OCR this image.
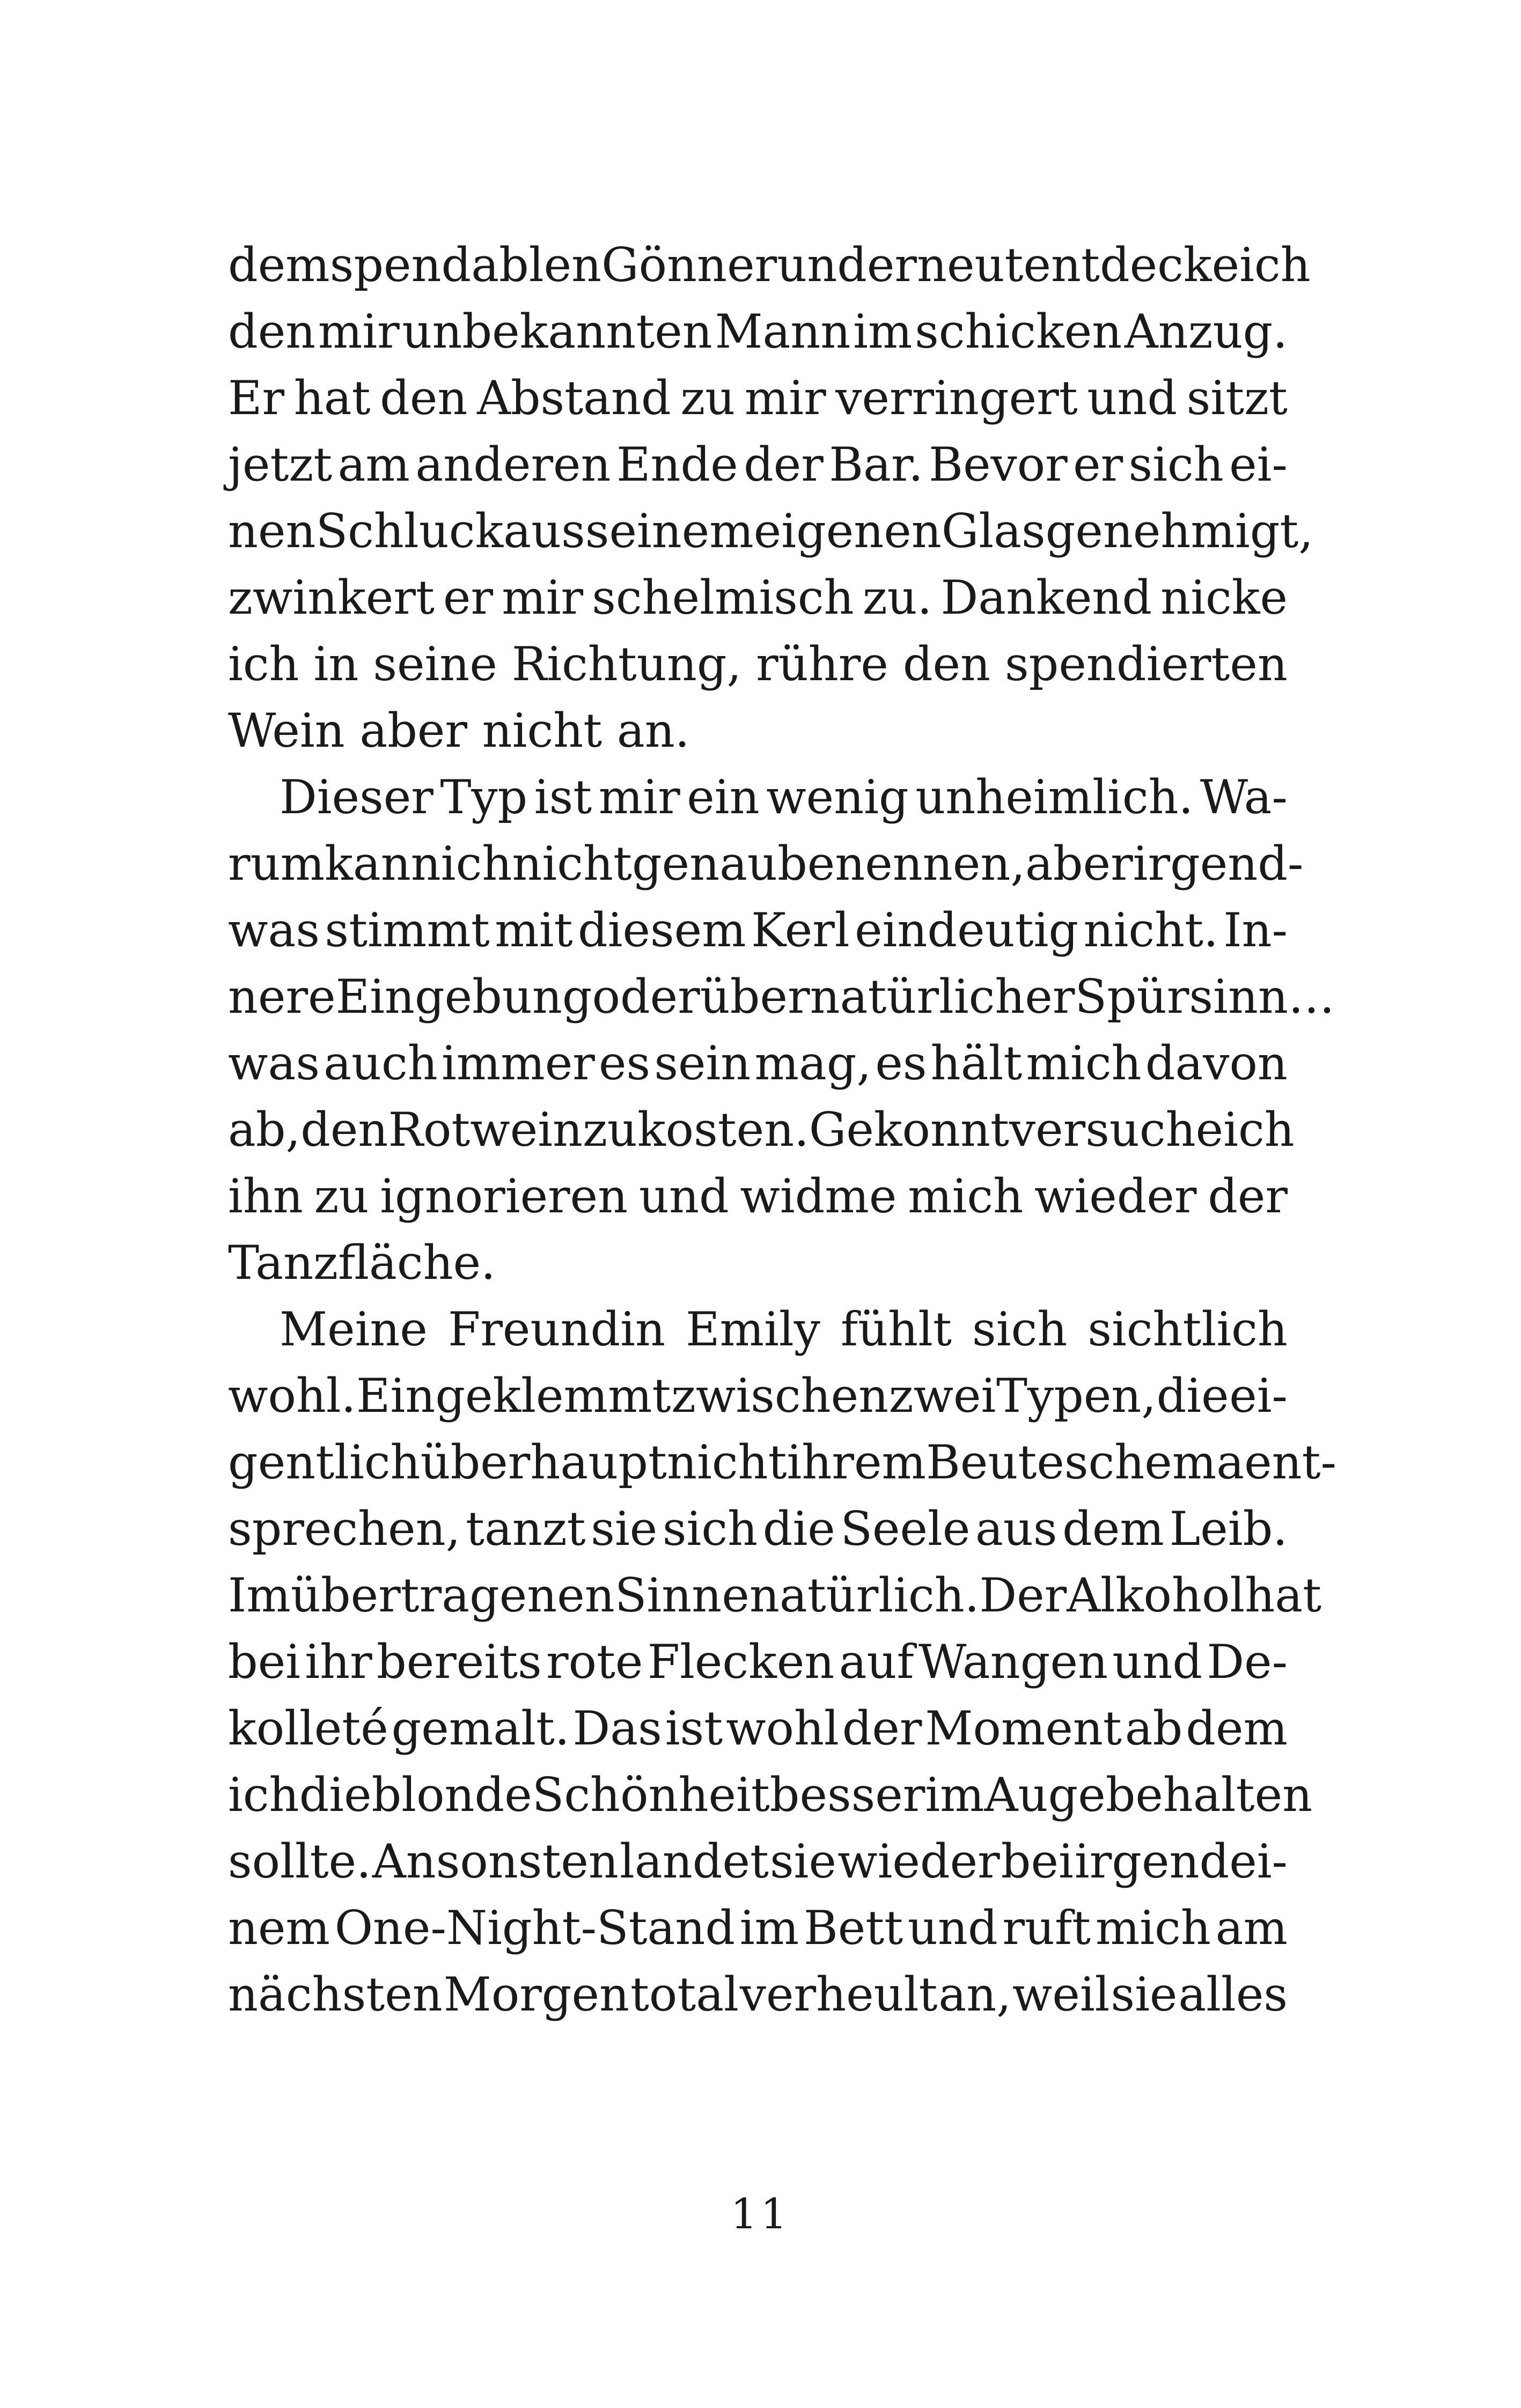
dem spendablen Gönner und erneut entdecke ich
den mir unbekannten Mann im schicken Anzug.
Er hat den Abstand zu mir verringert und sitzt
jetzt am anderen Ende der Bar. Bevor er sich ei-
nen Schluck aus seinem eigenen Glas genehmigt,
zwinkert er mir schelmisch zu. Dankend nicke
ich in seine Richtung, rühre den spendierten
Wein aber nicht an.
Dieser Typ ist mir ein wenig unheimlich. Wa-
rum kann ich nicht genau benennen, aber irgend-
was stimmt mit diesem Kerl eindeutig nicht. In-
nere Eingebung oder übernatürlicher Spürsinn…
was auch immer es sein mag, es hält mich davon
ab, den Rotwein zu kosten. Gekonnt versuche ich
ihn zu ignorieren und widme mich wieder der
Tanzfläche.
Meine Freundin Emily fühlt sich sichtlich
wohl. Eingeklemmt zwischen zwei Typen, die ei-
gentlich überhaupt nicht ihrem Beuteschema ent-
sprechen, tanzt sie sich die Seele aus dem Leib.
Im übertragenen Sinne natürlich. Der Alkohol hat
bei ihr bereits rote Flecken auf Wangen und De-
kolleté gemalt. Das ist wohl der Moment ab dem
ich die blonde Schönheit besser im Auge behalten
sollte. Ansonsten landet sie wieder bei irgendei-
nem One-Night-Stand im Bett und ruft mich am
nächsten Morgen total verheult an, weil sie alles
11
